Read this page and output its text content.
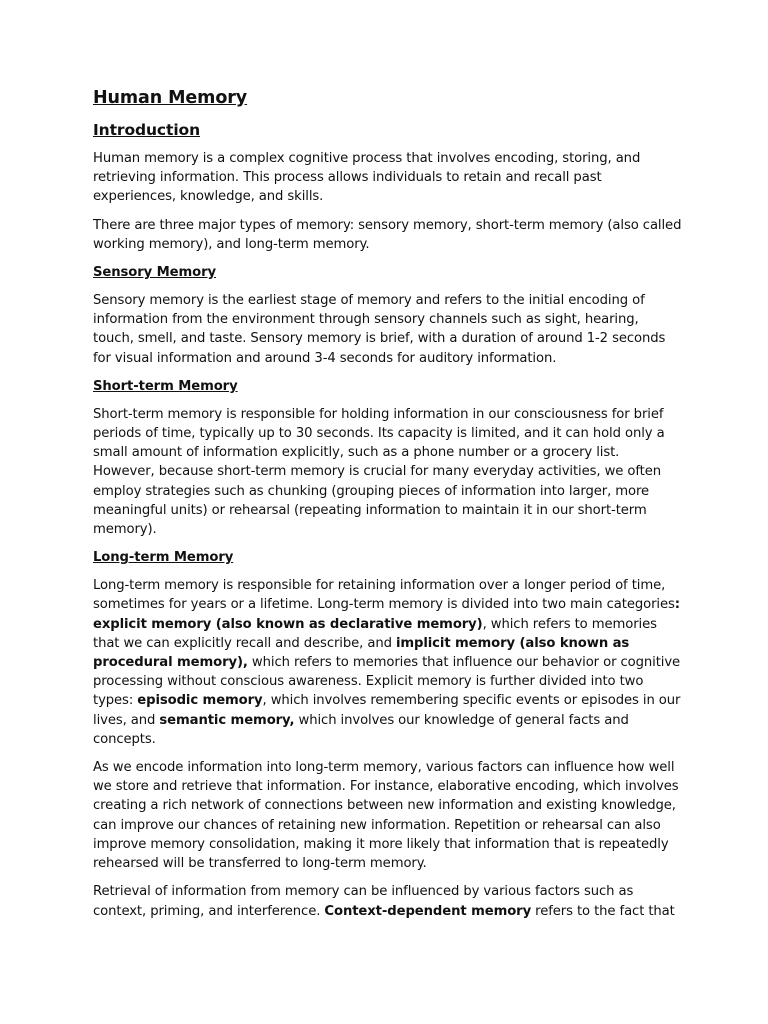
Human Memory
Introduction

Human memory is a complex cognitive process that involves encoding, storing, and retrieving information. This process allows individuals to retain and recall past experiences, knowledge, and skills.

There are three major types of memory: sensory memory, short-term memory (also called working memory), and long-term memory.

Sensory Memory

Sensory memory is the earliest stage of memory and refers to the initial encoding of information from the environment through sensory channels such as sight, hearing, touch, smell, and taste. Sensory memory is brief, with a duration of around 1-2 seconds for visual information and around 3-4 seconds for auditory information.

Short-term Memory

Short-term memory is responsible for holding information in our consciousness for brief periods of time, typically up to 30 seconds. Its capacity is limited, and it can hold only a small amount of information explicitly, such as a phone number or a grocery list. However, because short-term memory is crucial for many everyday activities, we often employ strategies such as chunking (grouping pieces of information into larger, more meaningful units) or rehearsal (repeating information to maintain it in our short-term memory).

Long-term Memory

Long-term memory is responsible for retaining information over a longer period of time, sometimes for years or a lifetime. Long-term memory is divided into two main categories: explicit memory (also known as declarative memory), which refers to memories that we can explicitly recall and describe, and implicit memory (also known as procedural memory), which refers to memories that influence our behavior or cognitive processing without conscious awareness. Explicit memory is further divided into two types: episodic memory, which involves remembering specific events or episodes in our lives, and semantic memory, which involves our knowledge of general facts and concepts.

As we encode information into long-term memory, various factors can influence how well we store and retrieve that information. For instance, elaborative encoding, which involves creating a rich network of connections between new information and existing knowledge, can improve our chances of retaining new information. Repetition or rehearsal can also improve memory consolidation, making it more likely that information that is repeatedly rehearsed will be transferred to long-term memory.

Retrieval of information from memory can be influenced by various factors such as context, priming, and interference. Context-dependent memory refers to the fact that
